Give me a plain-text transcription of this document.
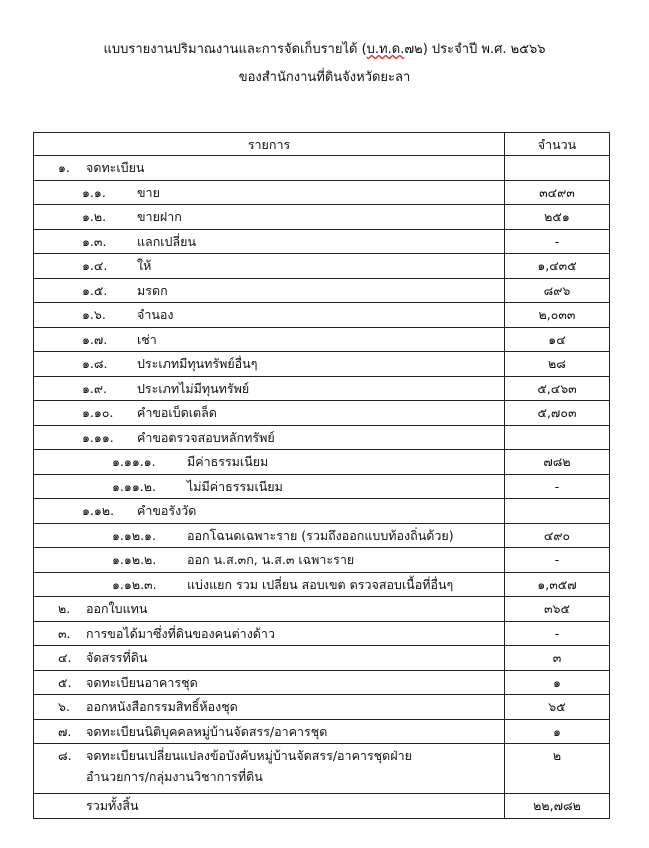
แบบรายงานปริมาณงานและการจัดเก็บรายได้ (บ.ท.ด.๗๒) ประจำปี พ.ศ. ๒๕๖๖
ของสำนักงานที่ดินจังหวัดยะลา
รายการ	จำนวน
๑. จดทะเบียน	
๑.๑. ขาย	๓๔๙๓
๑.๒. ขายฝาก	๒๕๑
๑.๓. แลกเปลี่ยน	-
๑.๔. ให้	๑,๔๓๕
๑.๕. มรดก	๘๙๖
๑.๖. จำนอง	๒,๐๓๓
๑.๗. เช่า	๑๔
๑.๘. ประเภทมีทุนทรัพย์อื่นๆ	๒๘
๑.๙. ประเภทไม่มีทุนทรัพย์	๕,๔๖๓
๑.๑๐. คำขอเบ็ดเตล็ด	๕,๗๐๓
๑.๑๑. คำขอตรวจสอบหลักทรัพย์	
๑.๑๑.๑. มีค่าธรรมเนียม	๗๘๒
๑.๑๑.๒. ไม่มีค่าธรรมเนียม	-
๑.๑๒. คำขอรังวัด	
๑.๑๒.๑. ออกโฉนดเฉพาะราย (รวมถึงออกแบบท้องถิ่นด้วย)	๔๙๐
๑.๑๒.๒. ออก น.ส.๓ก, น.ส.๓ เฉพาะราย	-
๑.๑๒.๓. แบ่งแยก รวม เปลี่ยน สอบเขต ตรวจสอบเนื้อที่อื่นๆ	๑,๓๕๗
๒. ออกใบแทน	๓๖๕
๓. การขอได้มาซึ่งที่ดินของคนต่างด้าว	-
๔. จัดสรรที่ดิน	๓
๕. จดทะเบียนอาคารชุด	๑
๖. ออกหนังสือกรรมสิทธิ์ห้องชุด	๖๕
๗. จดทะเบียนนิติบุคคลหมู่บ้านจัดสรร/อาคารชุด	๑
๘. จดทะเบียนเปลี่ยนแปลงข้อบังคับหมู่บ้านจัดสรร/อาคารชุดฝ่าย
อำนวยการ/กลุ่มงานวิชาการที่ดิน	๒
รวมทั้งสิ้น	๒๒,๗๘๒
